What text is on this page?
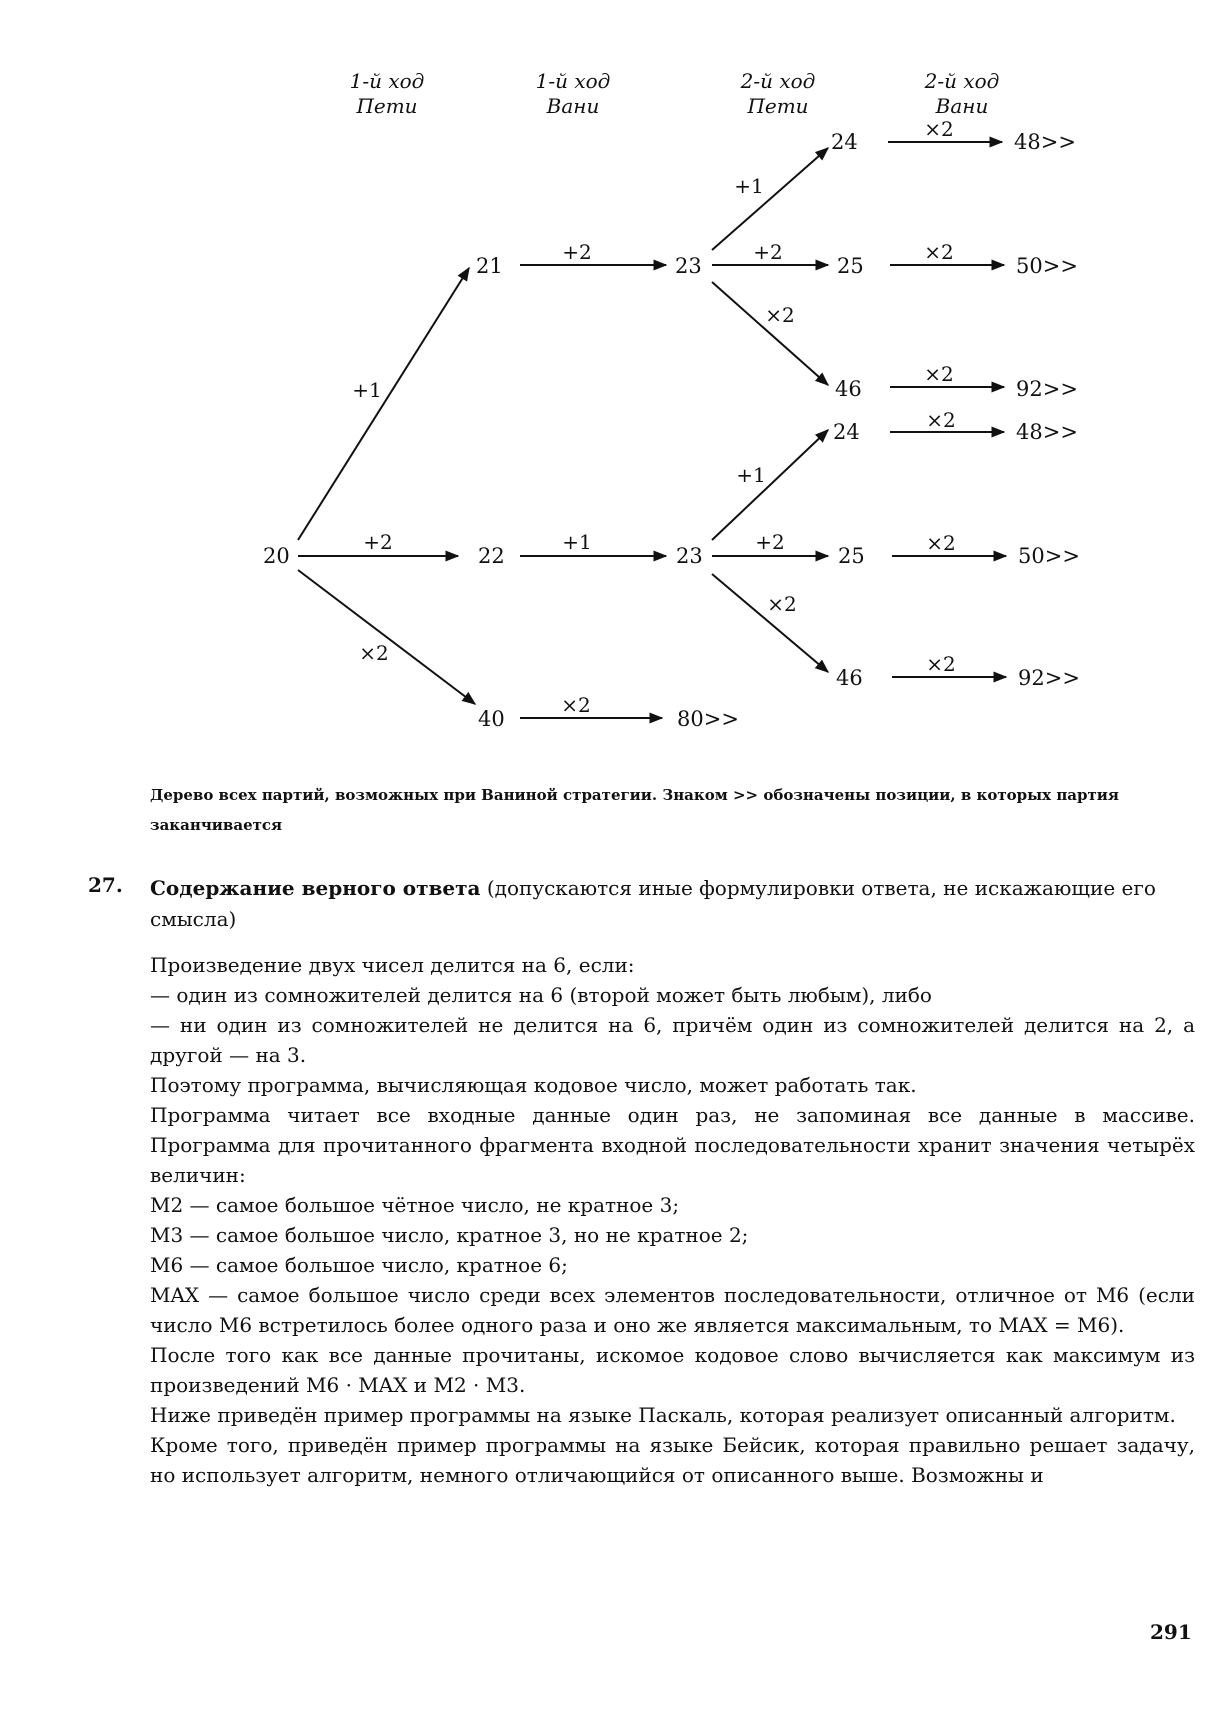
1-й ход
Пети
1-й ход
Вани
2-й ход
Пети
2-й ход
Вани
+1
+2
×2
+2
+1
×2
+1
+2
×2
+1
+2
×2
×2
×2
×2
×2
×2
×2
20
21
22
40
23
23
80>>
24
25
46
24
25
46
48>>
50>>
92>>
48>>
50>>
92>>
Дерево всех партий, возможных при Ваниной стратегии. Знаком >> обозначены позиции, в которых партия
заканчивается
27. Содержание верного ответа (допускаются иные формулировки ответа, не искажающие его смысла)

Произведение двух чисел делится на 6, если:

— один из сомножителей делится на 6 (второй может быть любым), либо

— ни один из сомножителей не делится на 6, причём один из сомножителей делится на 2, а другой — на 3.

Поэтому программа, вычисляющая кодовое число, может работать так.

Программа читает все входные данные один раз, не запоминая все данные в массиве. Программа для прочитанного фрагмента входной последовательности хранит значения четырёх величин:

M2 — самое большое чётное число, не кратное 3;

M3 — самое большое число, кратное 3, но не кратное 2;

M6 — самое большое число, кратное 6;

MAX — самое большое число среди всех элементов последовательности, отличное от M6 (если число M6 встретилось более одного раза и оно же является максимальным, то MAX = M6).

После того как все данные прочитаны, искомое кодовое слово вычисляется как максимум из произведений M6 · MAX и M2 · M3.

Ниже приведён пример программы на языке Паскаль, которая реализует описанный алгоритм.

Кроме того, приведён пример программы на языке Бейсик, которая правильно решает задачу, но использует алгоритм, немного отличающийся от описанного выше. Возможны и

291
